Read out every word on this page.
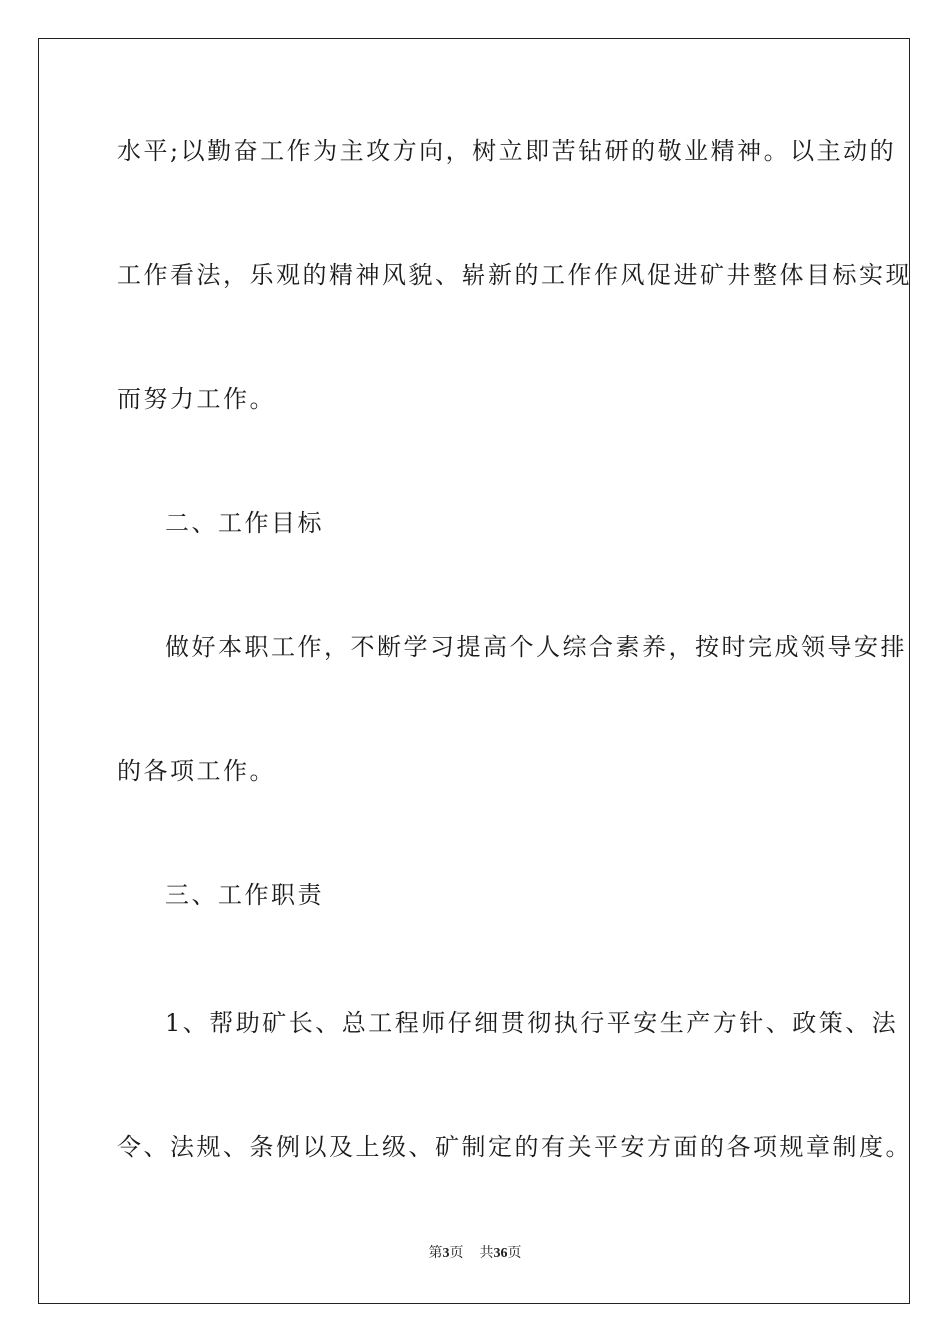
水平;以勤奋工作为主攻方向，树立即苦钻研的敬业精神。以主动的
工作看法，乐观的精神风貌、崭新的工作作风促进矿井整体目标实现
而努力工作。
二、工作目标
做好本职工作，不断学习提高个人综合素养，按时完成领导安排
的各项工作。
三、工作职责
1、帮助矿长、总工程师仔细贯彻执行平安生产方针、政策、法
令、法规、条例以及上级、矿制定的有关平安方面的各项规章制度。
第3页 共36页
